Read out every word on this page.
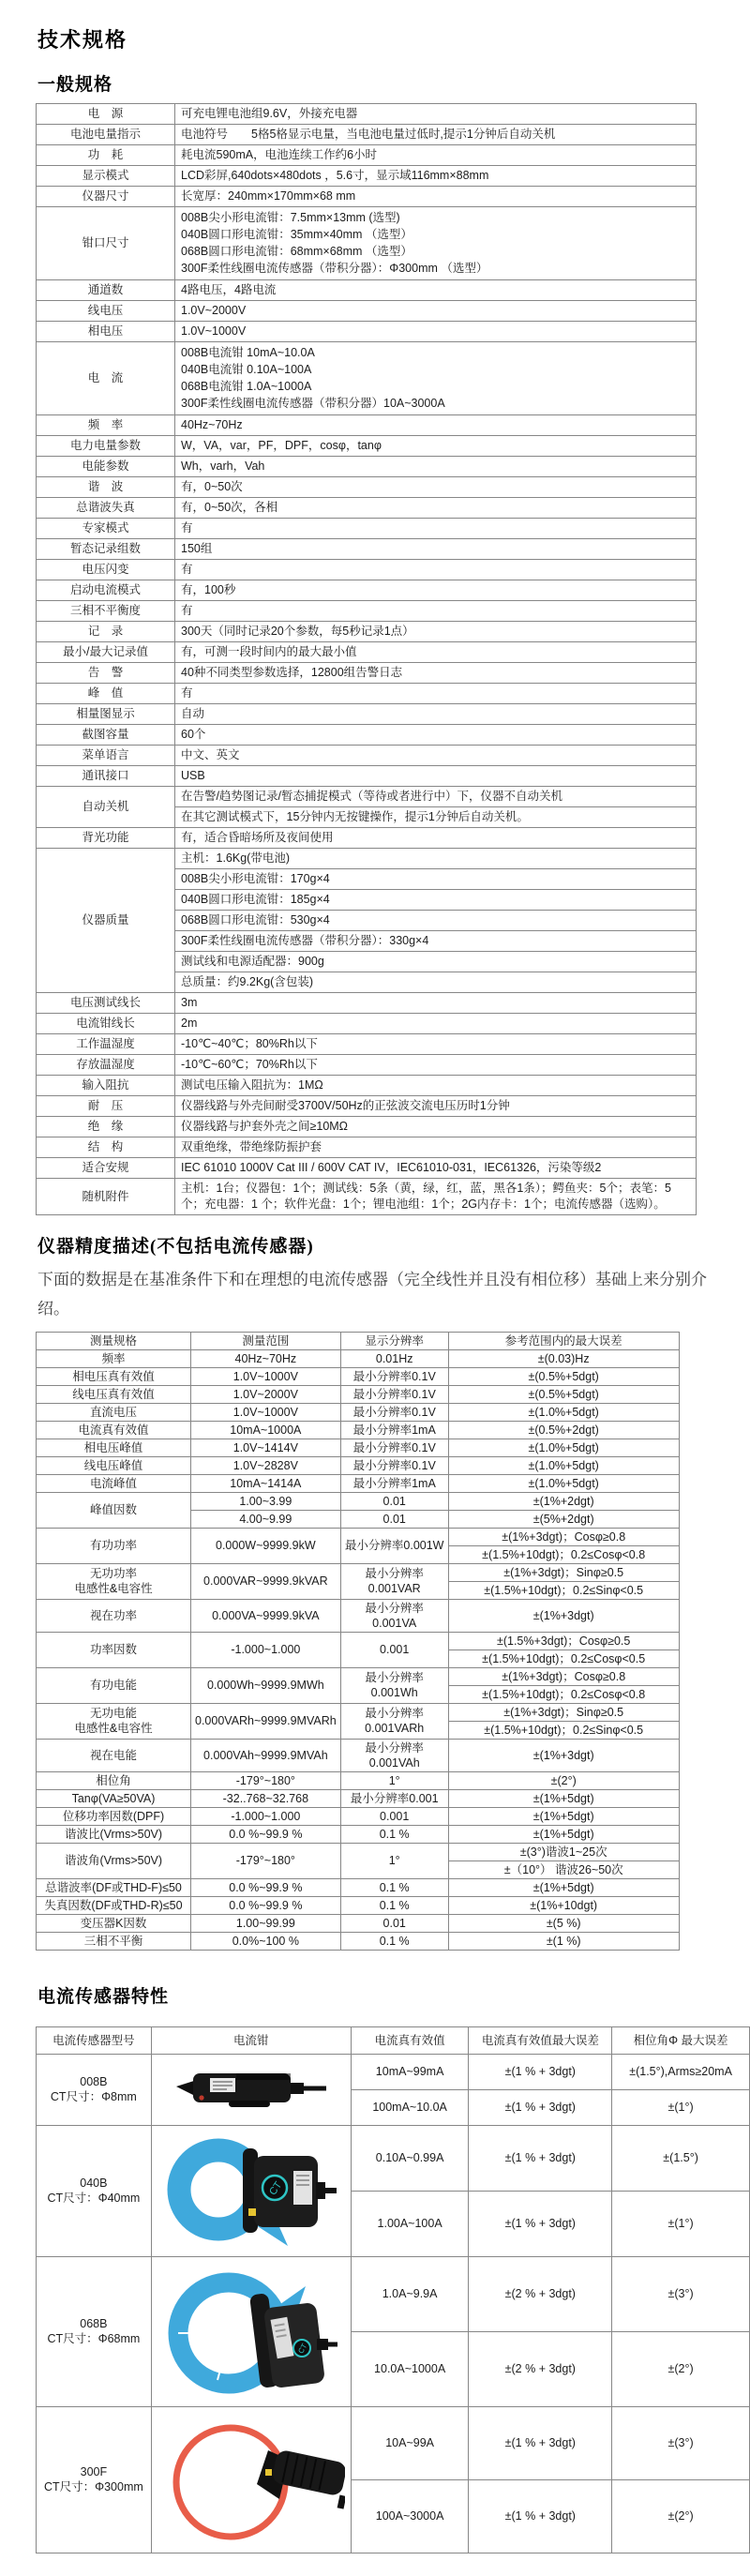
技术规格
一般规格
电　源	可充电锂电池组9.6V，外接充电器
电池电量指示	电池符号　　5格5格显示电量，当电池电量过低时,提示1分钟后自动关机
功　耗	耗电流590mA，电池连续工作约6小时
显示模式	LCD彩屏,640dots×480dots ，5.6寸，显示域116mm×88mm
仪器尺寸	长宽厚：240mm×170mm×68 mm
钳口尺寸	008B尖小形电流钳：7.5mm×13mm (选型)
040B圆口形电流钳：35mm×40mm （选型）
068B圆口形电流钳：68mm×68mm （选型）
300F柔性线圈电流传感器（带积分器）：Φ300mm （选型）

通道数	4路电压，4路电流
线电压	1.0V~2000V
相电压	1.0V~1000V
电　流	008B电流钳 10mA~10.0A
040B电流钳 0.10A~100A
068B电流钳 1.0A~1000A
300F柔性线圈电流传感器（带积分器）10A~3000A

频　率	40Hz~70Hz
电力电量参数	W，VA，var，PF，DPF，cosφ，tanφ
电能参数	Wh，varh，Vah
谐　波	有，0~50次
总谐波失真	有，0~50次，各相
专家模式	有
暂态记录组数	150组
电压闪变	有
启动电流模式	有，100秒
三相不平衡度	有
记　录	300天（同时记录20个参数，每5秒记录1点）
最小/最大记录值	有，可测一段时间内的最大最小值
告　警	40种不同类型参数选择，12800组告警日志
峰　值	有
相量图显示	自动
截图容量	60个
菜单语言	中文、英文
通讯接口	USB
自动关机	在告警/趋势图记录/暂态捕捉模式（等待或者进行中）下，仪器不自动关机
	在其它测试模式下，15分钟内无按键操作，提示1分钟后自动关机。
背光功能	有，适合昏暗场所及夜间使用
仪器质量	主机：1.6Kg(带电池)
	008B尖小形电流钳：170g×4
	040B圆口形电流钳：185g×4
	068B圆口形电流钳：530g×4
	300F柔性线圈电流传感器（带积分器）：330g×4
	测试线和电源适配器：900g
	总质量：约9.2Kg(含包装)
电压测试线长	3m
电流钳线长	2m
工作温湿度	-10℃~40℃；80%Rh以下
存放温湿度	-10℃~60℃；70%Rh以下
输入阻抗	测试电压输入阻抗为：1MΩ
耐　压	仪器线路与外壳间耐受3700V/50Hz的正弦波交流电压历时1分钟
绝　缘	仪器线路与护套外壳之间≥10MΩ
结　构	双重绝缘，带绝缘防振护套
适合安规	IEC 61010 1000V Cat III / 600V CAT IV，IEC61010-031，IEC61326，污染等级2
随机附件	主机：1台；仪器包：1个；测试线：5条（黄，绿，红，蓝，黑各1条）；鳄鱼夹：5个；表笔：5个；充电器：1 个；软件光盘：1个；锂电池组：1个；2G内存卡：1个；电流传感器（选购）。
仪器精度描述(不包括电流传感器)

下面的数据是在基准条件下和在理想的电流传感器（完全线性并且没有相位移）基础上来分别介绍。

测量规格	测量范围	显示分辨率	参考范围内的最大误差
频率	40Hz~70Hz	0.01Hz	±(0.03)Hz
相电压真有效值	1.0V~1000V	最小分辨率0.1V	±(0.5%+5dgt)
线电压真有效值	1.0V~2000V	最小分辨率0.1V	±(0.5%+5dgt)
直流电压	1.0V~1000V	最小分辨率0.1V	±(1.0%+5dgt)
电流真有效值	10mA~1000A	最小分辨率1mA	±(0.5%+2dgt)
相电压峰值	1.0V~1414V	最小分辨率0.1V	±(1.0%+5dgt)
线电压峰值	1.0V~2828V	最小分辨率0.1V	±(1.0%+5dgt)
电流峰值	10mA~1414A	最小分辨率1mA	±(1.0%+5dgt)
峰值因数	1.00~3.99	0.01	±(1%+2dgt)
	4.00~9.99	0.01	±(5%+2dgt)
有功功率	0.000W~9999.9kW	最小分辨率0.001W	±(1%+3dgt)；Cosφ≥0.8
			±(1.5%+10dgt)；0.2≤Cosφ<0.8

无功功率
电感性&电容性	0.000VAR~9999.9kVAR	最小分辨率0.001VAR	±(1%+3dgt)；Sinφ≥0.5
			±(1.5%+10dgt)；0.2≤Sinφ<0.5
视在功率	0.000VA~9999.9kVA	最小分辨率0.001VA	±(1%+3dgt)
功率因数	-1.000~1.000	0.001	±(1.5%+3dgt)；Cosφ≥0.5
			±(1.5%+10dgt)；0.2≤Cosφ<0.5
有功电能	0.000Wh~9999.9MWh	最小分辨率0.001Wh	±(1%+3dgt)；Cosφ≥0.8
			±(1.5%+10dgt)；0.2≤Cosφ<0.8

无功电能
电感性&电容性	0.000VARh~9999.9MVARh	最小分辨率0.001VARh	±(1%+3dgt)；Sinφ≥0.5
			±(1.5%+10dgt)；0.2≤Sinφ<0.5
视在电能	0.000VAh~9999.9MVAh	最小分辨率0.001VAh	±(1%+3dgt)
相位角	-179°~180°	1°	±(2°)
Tanφ(VA≥50VA)	-32..768~32.768	最小分辨率0.001	±(1%+5dgt)
位移功率因数(DPF)	-1.000~1.000	0.001	±(1%+5dgt)
谐波比(Vrms>50V)	0.0 %~99.9 %	0.1 %	±(1%+5dgt)
谐波角(Vrms>50V)	-179°~180°	1°	±(3°)谐波1~25次
			±（10°） 谐波26~50次
总谐波率(DF或THD-F)≤50	0.0 %~99.9 %	0.1 %	±(1%+5dgt)
失真因数(DF或THD-R)≤50	0.0 %~99.9 %	0.1 %	±(1%+10dgt)
变压器K因数	1.00~99.99	0.01	±(5 %)
三相不平衡	0.0%~100 %	0.1 %	±(1 %)
电流传感器特性
电流传感器型号	电流钳	电流真有效值	电流真有效值最大误差	相位角Φ 最大误差

008B
CT尺寸：Φ8mm		10mA~99mA	±(1 % + 3dgt)	±(1.5°),Arms≥20mA
		100mA~10.0A	±(1 % + 3dgt)	±(1°)

040B
CT尺寸：Φ40mm	CT	0.10A~0.99A	±(1 % + 3dgt)	±(1.5°)
		1.00A~100A	±(1 % + 3dgt)	±(1°)

068B
CT尺寸：Φ68mm	CT	1.0A~9.9A	±(2 % + 3dgt)	±(3°)
		10.0A~1000A	±(2 % + 3dgt)	±(2°)

300F
CT尺寸：Φ300mm		10A~99A	±(1 % + 3dgt)	±(3°)
		100A~3000A	±(1 % + 3dgt)	±(2°)
